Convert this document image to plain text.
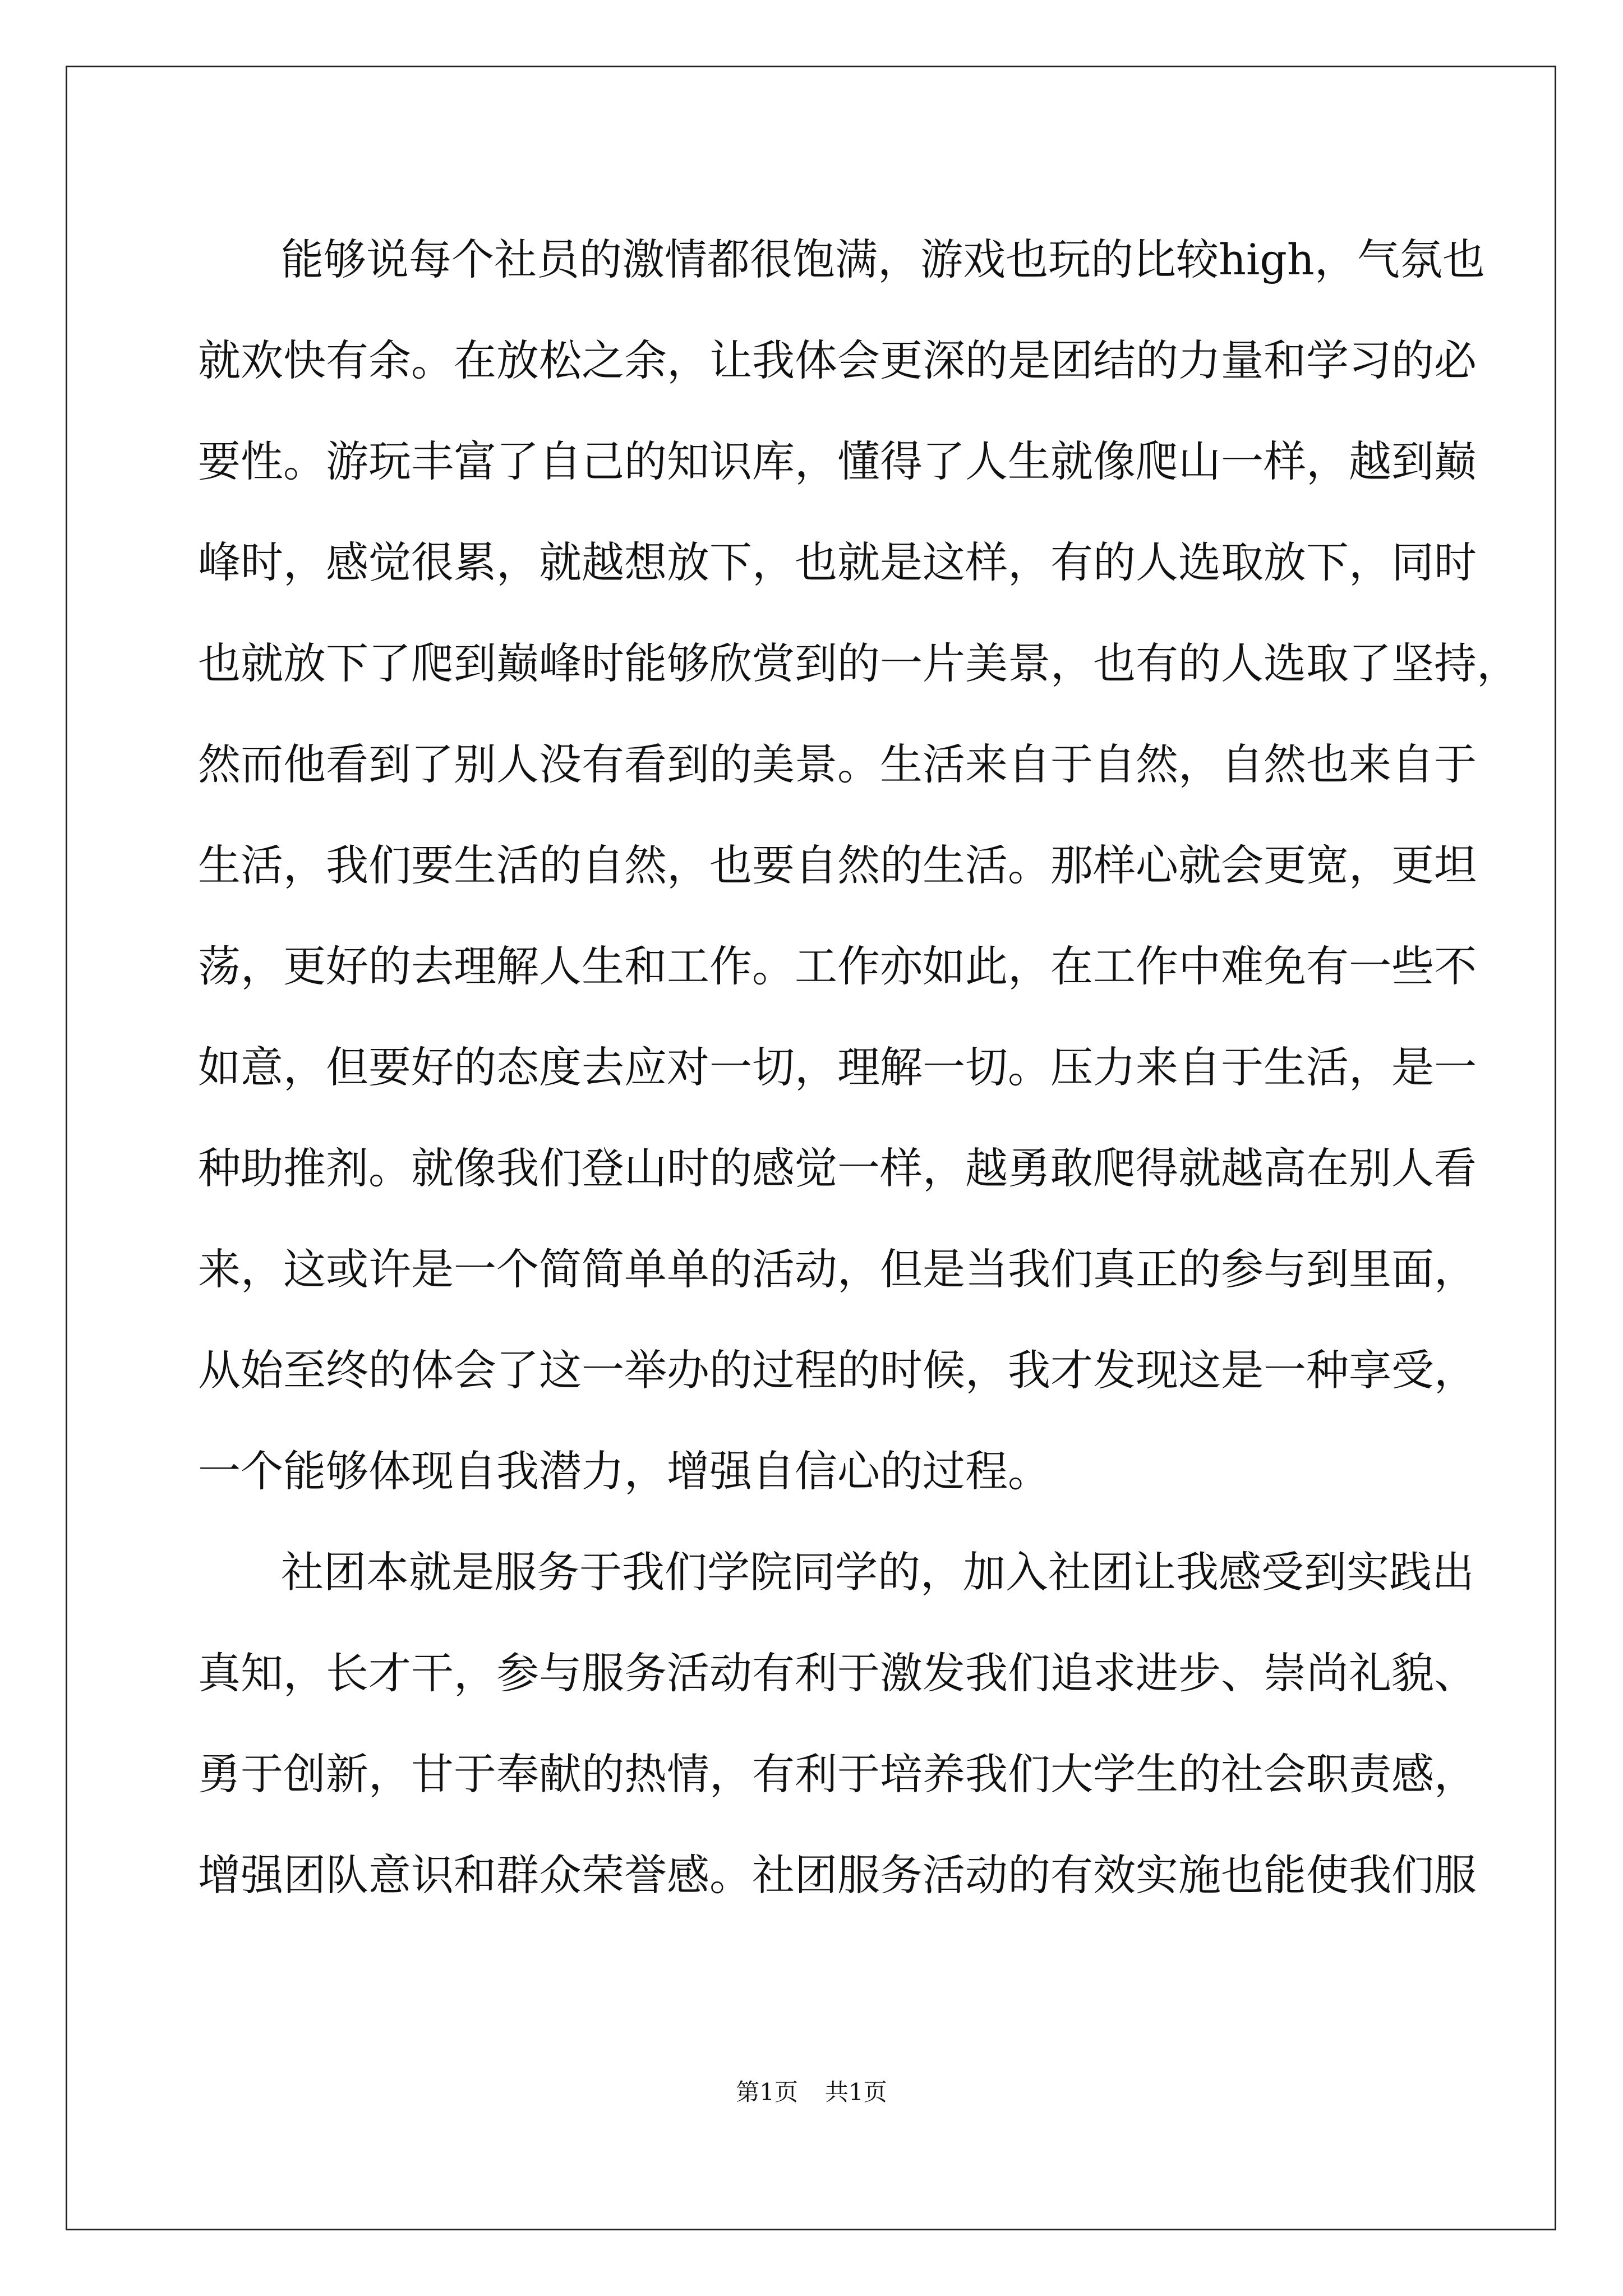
能够说每个社员的激情都很饱满，游戏也玩的比较high，气氛也
就欢快有余。在放松之余，让我体会更深的是团结的力量和学习的必
要性。游玩丰富了自己的知识库，懂得了人生就像爬山一样，越到巅
峰时，感觉很累，就越想放下，也就是这样，有的人选取放下，同时
也就放下了爬到巅峰时能够欣赏到的一片美景，也有的人选取了坚持，
然而他看到了别人没有看到的美景。生活来自于自然，自然也来自于
生活，我们要生活的自然，也要自然的生活。那样心就会更宽，更坦
荡，更好的去理解人生和工作。工作亦如此，在工作中难免有一些不
如意，但要好的态度去应对一切，理解一切。压力来自于生活，是一
种助推剂。就像我们登山时的感觉一样，越勇敢爬得就越高在别人看
来，这或许是一个简简单单的活动，但是当我们真正的参与到里面，
从始至终的体会了这一举办的过程的时候，我才发现这是一种享受，
一个能够体现自我潜力，增强自信心的过程。
社团本就是服务于我们学院同学的，加入社团让我感受到实践出
真知，长才干，参与服务活动有利于激发我们追求进步、崇尚礼貌、
勇于创新，甘于奉献的热情，有利于培养我们大学生的社会职责感，
增强团队意识和群众荣誉感。社团服务活动的有效实施也能使我们服
第1页 共1页
